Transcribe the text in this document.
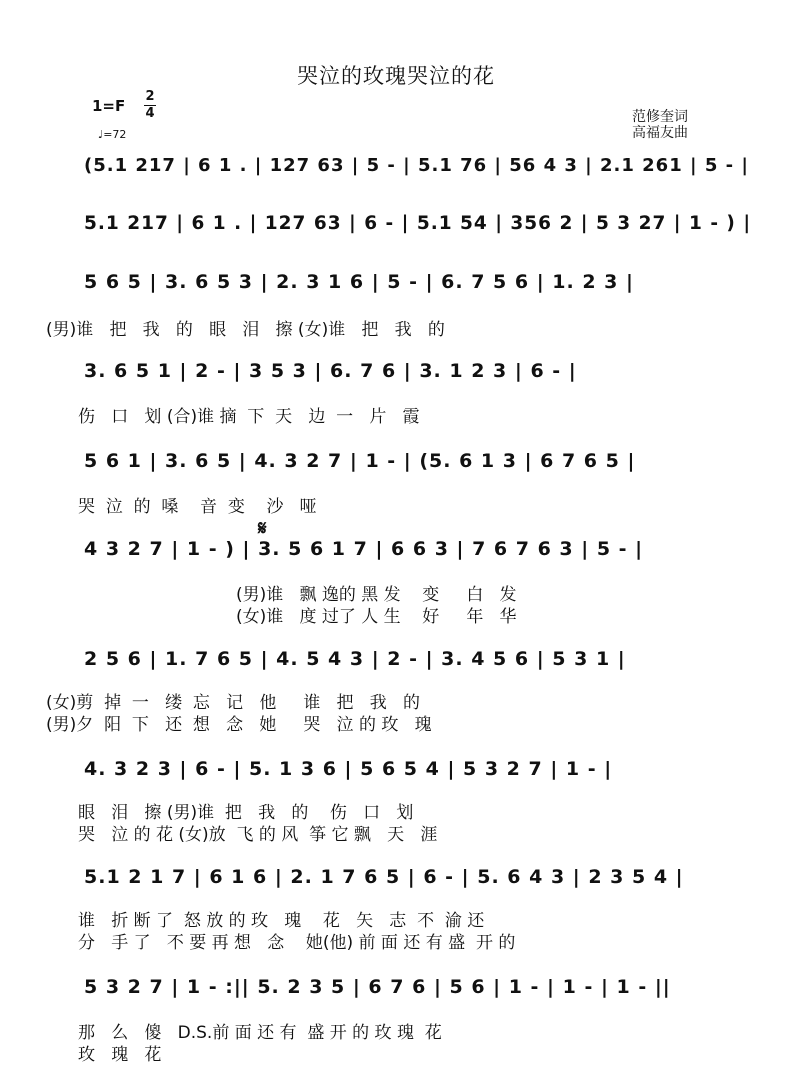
哭泣的玫瑰哭泣的花
1=F
2
4
♩=72
范修奎词
高福友曲
(5.1 217 | 6 1 . | 127 63 | 5 - | 5.1 76 | 56 4 3 | 2.1 261 | 5 - |
5.1 217 | 6 1 . | 127 63 | 6 - | 5.1 54 | 356 2 | 5 3 27 | 1 - ) |
5 6 5 | 3. 6 5 3 | 2. 3 1 6 | 5 - | 6. 7 5 6 | 1. 2 3 |
(男)谁   把   我   的   眼   泪   擦 (女)谁   把   我   的
3. 6 5 1 | 2 - | 3 5 3 | 6. 7 6 | 3. 1 2 3 | 6 - |
伤   口   划 (合)谁 摘  下  天   边  一   片   霞
5 6 1 | 3. 6 5 | 4. 3 2 7 | 1 - | (5. 6 1 3 | 6 7 6 5 |
哭  泣  的  嗓    音  变    沙   哑
𝄋
4 3 2 7 | 1 - ) | 3. 5 6 1 7 | 6 6 3 | 7 6 7 6 3 | 5 - |
(男)谁   飘 逸的 黑 发    变     白   发
(女)谁   度 过了 人 生    好     年   华
2 5 6 | 1. 7 6 5 | 4. 5 4 3 | 2 - | 3. 4 5 6 | 5 3 1 |
(女)剪  掉  一   缕  忘   记   他     谁   把   我   的
(男)夕  阳  下   还  想   念   她     哭   泣 的 玫   瑰
4. 3 2 3 | 6 - | 5. 1 3 6 | 5 6 5 4 | 5 3 2 7 | 1 - |
眼   泪   擦 (男)谁  把   我   的    伤   口   划
哭   泣 的 花 (女)放  飞 的 风  筝 它 飘   天   涯
5.1 2 1 7 | 6 1 6 | 2. 1 7 6 5 | 6 - | 5. 6 4 3 | 2 3 5 4 |
谁   折 断 了  怒 放 的 玫   瑰    花   矢   志  不  渝 还
分   手 了   不 要 再 想   念    她(他) 前 面 还 有 盛  开 的
5 3 2 7 | 1 - :|| 5. 2 3 5 | 6 7 6 | 5 6 | 1 - | 1 - | 1 - ||
那   么   傻   D.S.前 面 还 有  盛 开 的 玫 瑰  花
玫   瑰   花
